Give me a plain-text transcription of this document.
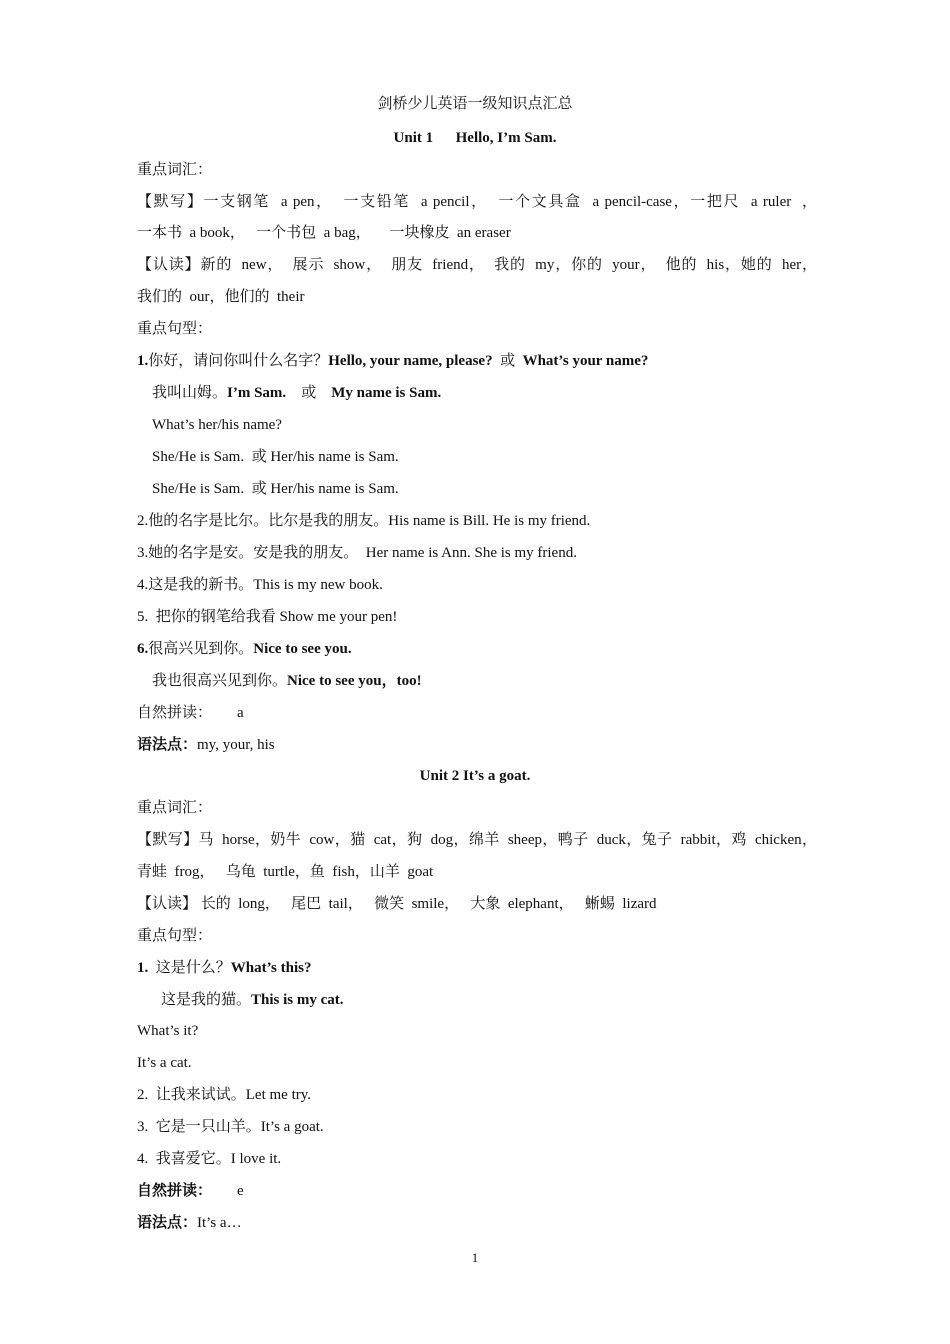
剑桥少儿英语一级知识点汇总
Unit 1      Hello, I’m Sam.
重点词汇：
【默写】一支钢笔  a pen，  一支铅笔  a pencil，  一个文具盒  a pencil-case，一把尺  a ruler  ，
一本书  a book，   一个书包  a bag，     一块橡皮  an eraser
【认读】新的  new，  展示  show，  朋友  friend，  我的  my，你的  your，  他的  his，她的  her，
我们的  our，他们的  their
重点句型：
1.你好，请问你叫什么名字？Hello, your name, please?  或  What’s your name?
我叫山姆。I’m Sam.    或    My name is Sam.
What’s her/his name?
She/He is Sam.  或 Her/his name is Sam.
She/He is Sam.  或 Her/his name is Sam.
2.他的名字是比尔。比尔是我的朋友。His name is Bill. He is my friend.
3.她的名字是安。安是我的朋友。  Her name is Ann. She is my friend.
4.这是我的新书。This is my new book.
5.  把你的钢笔给我看 Show me your pen!
6.很高兴见到你。Nice to see you.
我也很高兴见到你。Nice to see you，too!
自然拼读： a
语法点：my, your, his
Unit 2 It’s a goat.
重点词汇：
【默写】马  horse，奶牛  cow，猫  cat，狗  dog，绵羊  sheep，鸭子  duck，兔子  rabbit，鸡  chicken，
青蛙  frog，   乌龟  turtle，鱼  fish，山羊  goat
【认读】 长的  long，   尾巴  tail，   微笑  smile，   大象  elephant，   蜥蜴  lizard
重点句型：
1.  这是什么？What’s this?
这是我的猫。This is my cat.
What’s it?
It’s a cat.
2.  让我来试试。Let me try.
3.  它是一只山羊。It’s a goat.
4.  我喜爱它。I love it.
自然拼读： e
语法点：It’s a…
1
